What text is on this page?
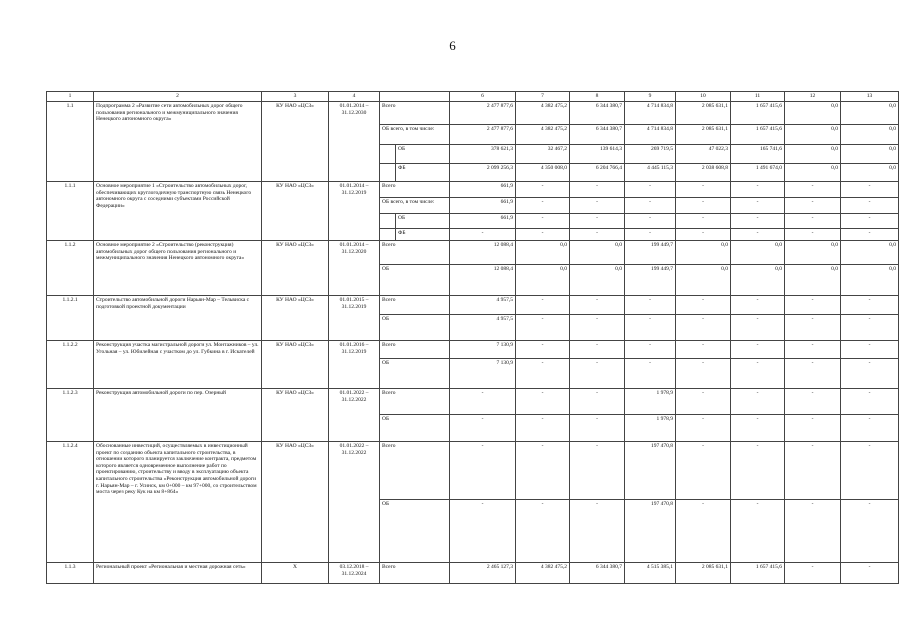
6
1	2	3	4			6	7	8	9	10	11	12	13
1.1	Подпрограмма 2 «Развитие сети автомобильных дорог общего пользования регионального и межмуниципального значения Ненецкого автономного округа»	КУ НАО «ЦСЗ»	01.01.2014 – 31.12.2030	Всего		2 477 877,6	4 382 475,2	6 344 380,7	4 714 834,8	2 085 631,1	1 657 415,6	0,0	0,0
				ОБ всего, в том числе:		2 477 877,6	4 382 475,2	6 344 380,7	4 714 834,8	2 085 631,1	1 657 415,6	0,0	0,0
					ОБ	378 621,3	32 467,2	139 614,3	269 719,5	47 022,3	165 741,6	0,0	0,0
					ФБ	2 099 256,3	4 350 008,0	6 204 766,4	4 445 115,3	2 038 608,8	1 491 674,0	0,0	0,0
1.1.1	Основное мероприятие 1 «Строительство автомобильных дорог, обеспечивающих круглогодичную транспортную связь Ненецкого автономного округа с соседними субъектами Российской Федерации»	КУ НАО «ЦСЗ»	01.01.2014 – 31.12.2019	Всего		661,9	-	-	-	-	-	-	-
				ОБ всего, в том числе:		661,9	-	-	-	-	-	-	-
					ОБ	661,9	-	-	-	-	-	-	-
					ФБ	-	-	-	-	-	-	-	-
1.1.2	Основное мероприятие 2 «Строительство (реконструкция) автомобильных дорог общего пользования регионального и межмуниципального значения Ненецкого автономного округа»	КУ НАО «ЦСЗ»	01.01.2014 – 31.12.2020	Всего		12 088,4	0,0	0,0	199 449,7	0,0	0,0	0,0	0,0
				ОБ		12 088,4	0,0	0,0	199 449,7	0,0	0,0	0,0	0,0
1.1.2.1	Строительство автомобильной дороги Нарьян-Мар – Тельвиска с подготовкой проектной документации	КУ НАО «ЦСЗ»	01.01.2015 – 31.12.2019	Всего		4 957,5	-	-	-	-	-	-	-
				ОБ		4 957,5	-	-	-	-	-	-	-
1.1.2.2	Реконструкция участка магистральной дороги ул. Монтажников – ул. Угольная – ул. Юбилейная с участком до ул. Губкина в г. Искателей	КУ НАО «ЦСЗ»	01.01.2016 – 31.12.2019	Всего		7 130,9	-	-	-	-	-	-	-
				ОБ		7 130,9	-	-	-	-	-	-	-
1.1.2.3	Реконструкция автомобильной дороги по пер. Озерный	КУ НАО «ЦСЗ»	01.01.2022 – 31.12.2022	Всего		-	-	-	1 978,9	-	-	-	-
				ОБ		-	-	-	1 978,9	-	-	-	-
1.1.2.4	Обоснованные инвестиций, осуществляемых в инвестиционный проект по созданию объекта капитального строительства, в отношении которого планируется заключение контракта, предметом которого является одновременное выполнение работ по проектированию, строительству и вводу в эксплуатацию объекта капитального строительства «Реконструкция автомобильной дороги г. Нарьян-Мар – г. Усинск, км 0+000 – км 97+000, со строительством моста через реку Кук на км 8+864»	КУ НАО «ЦСЗ»	01.01.2022 – 31.12.2022	Всего		-	-	-	197 470,8	-	-	-	-
				ОБ		-	-	-	197 470,8	-	-	-	-
1.1.3	Региональный проект «Региональная и местная дорожная сеть»	Х	03.12.2018 – 31.12.2024	Всего		2 465 127,3	4 382 475,2	6 344 380,7	4 515 385,1	2 085 631,1	1 657 415,6	-	-
